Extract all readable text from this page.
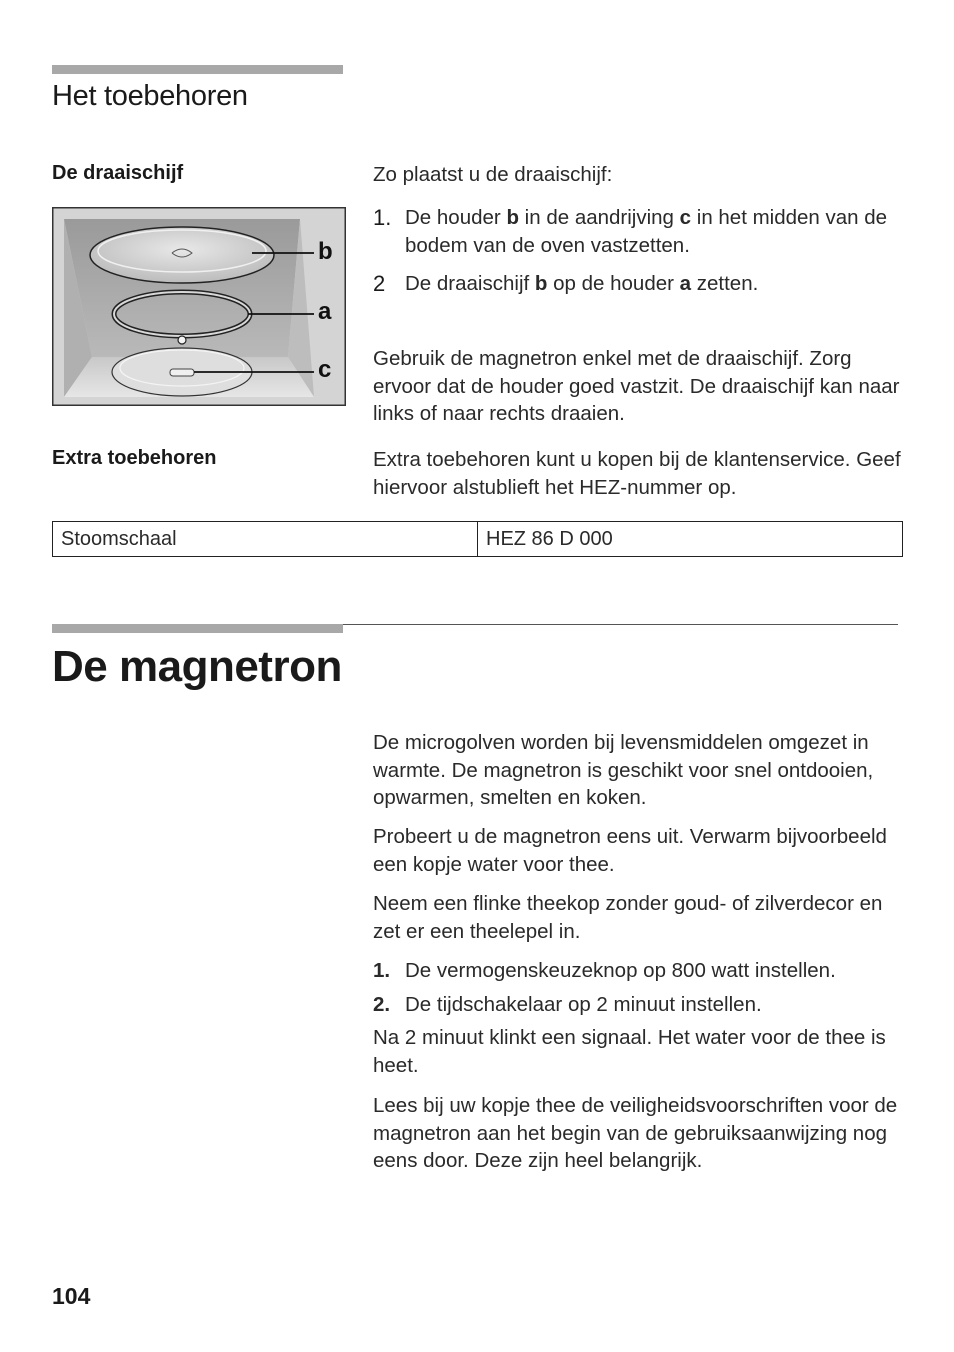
Het toebehoren
De draaischijf	Zo plaatst u de draaischijf:
b
a
c
1. De houder b in de aandrijving c in het midden van de bodem van de oven vastzetten.
2 De draaischijf b op de houder a zetten.
Gebruik de magnetron enkel met de draaischijf. Zorg ervoor dat de houder goed vastzit. De draaischijf kan naar links of naar rechts draaien.
Extra toebehoren	Extra toebehoren kunt u kopen bij de klantenservice. Geef hiervoor alstublieft het HEZ-nummer op.
Stoomschaal	HEZ 86 D 000
De magnetron
De microgolven worden bij levensmiddelen omgezet in warmte. De magnetron is geschikt voor snel ontdooien, opwarmen, smelten en koken.
Probeert u de magnetron eens uit. Verwarm bijvoorbeeld een kopje water voor thee.
Neem een flinke theekop zonder goud- of zilverdecor en zet er een theelepel in.
1. De vermogenskeuzeknop op 800 watt instellen.
2. De tijdschakelaar op 2 minuut instellen.
Na 2 minuut klinkt een signaal. Het water voor de thee is heet.
Lees bij uw kopje thee de veiligheidsvoorschriften voor de magnetron aan het begin van de gebruiksaanwijzing nog eens door. Deze zijn heel belangrijk.
104
